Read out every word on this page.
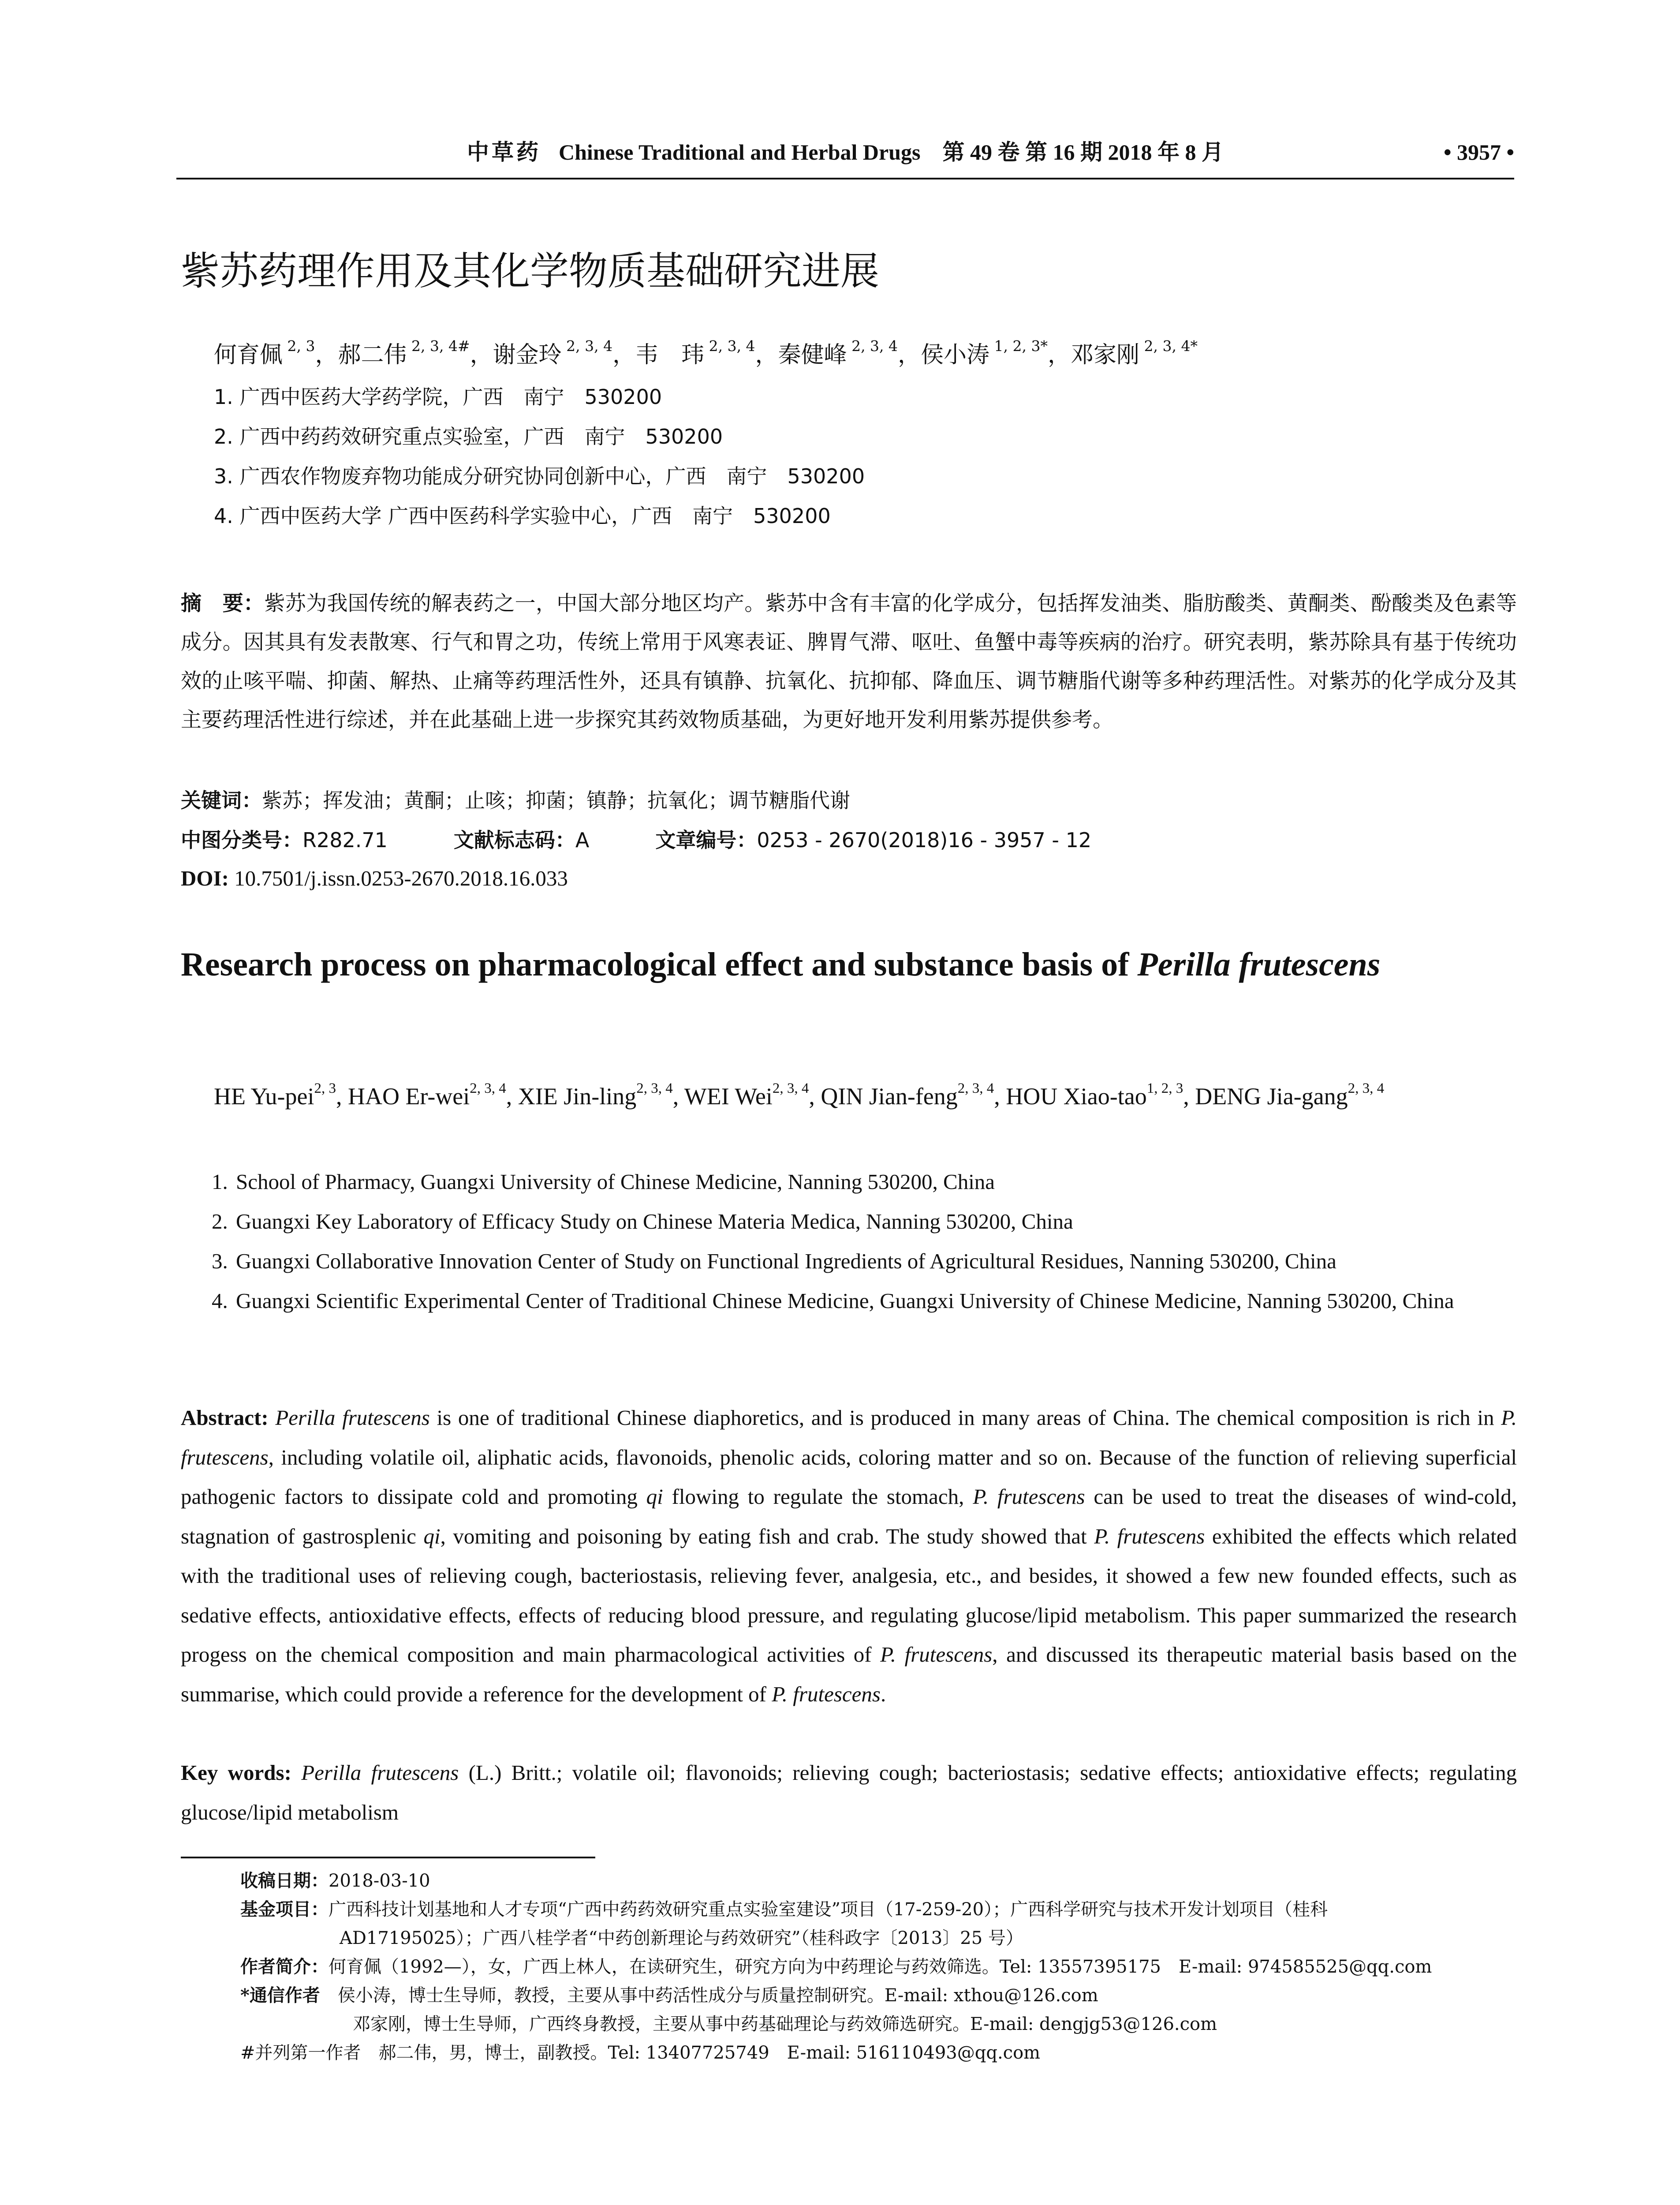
中草药 Chinese Traditional and Herbal Drugs 第 49 卷 第 16 期 2018 年 8 月	• 3957 •
紫苏药理作用及其化学物质基础研究进展
何育佩 $^{2, 3}$，郝二伟 $^{2, 3, 4\#}$，谢金玲 $^{2, 3, 4}$，韦　玮 $^{2, 3, 4}$，秦健峰 $^{2, 3, 4}$，侯小涛 $^{1, 2, 3*}$，邓家刚 $^{2, 3, 4*}$
1. 广西中医药大学药学院，广西　南宁　530200
2. 广西中药药效研究重点实验室，广西　南宁　530200
3. 广西农作物废弃物功能成分研究协同创新中心，广西　南宁　530200
4. 广西中医药大学 广西中医药科学实验中心，广西　南宁　530200
摘　要：紫苏为我国传统的解表药之一，中国大部分地区均产。紫苏中含有丰富的化学成分，包括挥发油类、脂肪酸类、黄酮类、酚酸类及色素等成分。因其具有发表散寒、行气和胃之功，传统上常用于风寒表证、脾胃气滞、呕吐、鱼蟹中毒等疾病的治疗。研究表明，紫苏除具有基于传统功效的止咳平喘、抑菌、解热、止痛等药理活性外，还具有镇静、抗氧化、抗抑郁、降血压、调节糖脂代谢等多种药理活性。对紫苏的化学成分及其主要药理活性进行综述，并在此基础上进一步探究其药效物质基础，为更好地开发利用紫苏提供参考。
关键词：紫苏；挥发油；黄酮；止咳；抑菌；镇静；抗氧化；调节糖脂代谢
中图分类号：R282.71	文献标志码：A	文章编号：0253 - 2670(2018)16 - 3957 - 12
DOI: 10.7501/j.issn.0253-2670.2018.16.033
Research process on pharmacological effect and substance basis of Perilla frutescens
HE Yu-pei$^{2, 3}$, HAO Er-wei$^{2, 3, 4}$, XIE Jin-ling$^{2, 3, 4}$, WEI Wei$^{2, 3, 4}$, QIN Jian-feng$^{2, 3, 4}$, HOU Xiao-tao$^{1, 2, 3}$, DENG Jia-gang$^{2, 3, 4}$
1. School of Pharmacy, Guangxi University of Chinese Medicine, Nanning 530200, China
2. Guangxi Key Laboratory of Efficacy Study on Chinese Materia Medica, Nanning 530200, China
3. Guangxi Collaborative Innovation Center of Study on Functional Ingredients of Agricultural Residues, Nanning 530200, China
4. Guangxi Scientific Experimental Center of Traditional Chinese Medicine, Guangxi University of Chinese Medicine, Nanning 530200, China
Abstract: Perilla frutescens is one of traditional Chinese diaphoretics, and is produced in many areas of China. The chemical composition is rich in P. frutescens, including volatile oil, aliphatic acids, flavonoids, phenolic acids, coloring matter and so on. Because of the function of relieving superficial pathogenic factors to dissipate cold and promoting qi flowing to regulate the stomach, P. frutescens can be used to treat the diseases of wind-cold, stagnation of gastrosplenic qi, vomiting and poisoning by eating fish and crab. The study showed that P. frutescens exhibited the effects which related with the traditional uses of relieving cough, bacteriostasis, relieving fever, analgesia, etc., and besides, it showed a few new founded effects, such as sedative effects, antioxidative effects, effects of reducing blood pressure, and regulating glucose/lipid metabolism. This paper summarized the research progess on the chemical composition and main pharmacological activities of P. frutescens, and discussed its therapeutic material basis based on the summarise, which could provide a reference for the development of P. frutescens.
Key words: Perilla frutescens (L.) Britt.; volatile oil; flavonoids; relieving cough; bacteriostasis; sedative effects; antioxidative effects; regulating glucose/lipid metabolism
收稿日期：2018-03-10
基金项目：广西科技计划基地和人才专项“广西中药药效研究重点实验室建设”项目（17-259-20）；广西科学研究与技术开发计划项目（桂科
AD17195025）；广西八桂学者“中药创新理论与药效研究”（桂科政字〔2013〕25 号）
作者简介：何育佩（1992—），女，广西上林人，在读研究生，研究方向为中药理论与药效筛选。Tel: 13557395175　E-mail: 974585525@qq.com
*通信作者 侯小涛，博士生导师，教授，主要从事中药活性成分与质量控制研究。E-mail: xthou@126.com
邓家刚，博士生导师，广西终身教授，主要从事中药基础理论与药效筛选研究。E-mail: dengjg53@126.com
#并列第一作者 郝二伟，男，博士，副教授。Tel: 13407725749　E-mail: 516110493@qq.com
